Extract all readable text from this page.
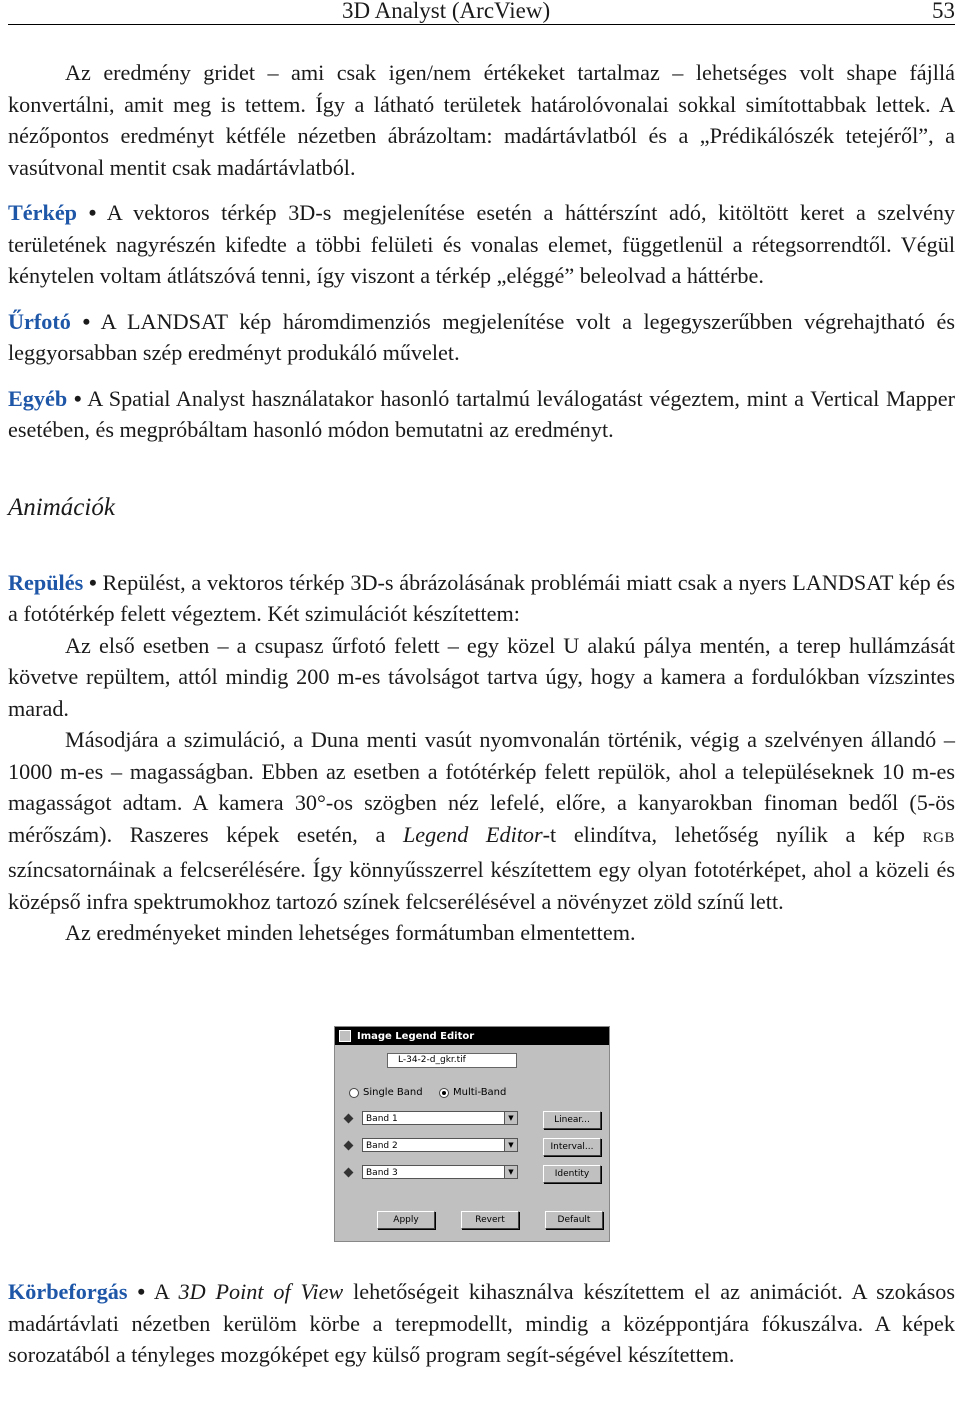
3D Analyst (ArcView)	53

Az eredmény gridet – ami csak igen/nem értékeket tartalmaz – lehetséges volt shape fájllá konvertálni, amit meg is tettem. Így a látható területek határolóvonalai sokkal simítottabbak lettek. A nézőpontos eredményt kétféle nézetben ábrázoltam: madártávlatból és a „Prédikálószék tetejéről”, a vasútvonal mentit csak madártávlatból.

Térkép • A vektoros térkép 3D-s megjelenítése esetén a háttérszínt adó, kitöltött keret a szelvény területének nagyrészén kifedte a többi felületi és vonalas elemet, függetlenül a rétegsorrendtől. Végül kénytelen voltam átlátszóvá tenni, így viszont a térkép „eléggé” beleolvad a háttérbe.

Űrfotó • A LANDSAT kép háromdimenziós megjelenítése volt a legegyszerűbben végrehajtható és leggyorsabban szép eredményt produkáló művelet.

Egyéb • A Spatial Analyst használatakor hasonló tartalmú leválogatást végeztem, mint a Vertical Mapper esetében, és megpróbáltam hasonló módon bemutatni az eredményt.

Animációk

Repülés • Repülést, a vektoros térkép 3D-s ábrázolásának problémái miatt csak a nyers LANDSAT kép és a fotótérkép felett végeztem. Két szimulációt készítettem:

Az első esetben – a csupasz űrfotó felett – egy közel U alakú pálya mentén, a terep hullámzását követve repültem, attól mindig 200 m-es távolságot tartva úgy, hogy a kamera a fordulókban vízszintes marad.

Másodjára a szimuláció, a Duna menti vasút nyomvonalán történik, végig a szelvényen állandó – 1000 m-es – magasságban. Ebben az esetben a fotótérkép felett repülök, ahol a településeknek 10 m-es magasságot adtam. A kamera 30°-os szögben néz lefelé, előre, a kanyarokban finoman bedől (5-ös mérőszám). Raszeres képek esetén, a Legend Editor-t elindítva, lehetőség nyílik a kép RGB színcsatornáinak a felcserélésére. Így könnyűsszerrel készítettem egy olyan fototérképet, ahol a közeli és középső infra spektrumokhoz tartozó színek felcserélésével a növényzet zöld színű lett.

Az eredményeket minden lehetséges formátumban elmentettem.

Körbeforgás • A 3D Point of View lehetőségeit kihasználva készítettem el az animációt. A szokásos madártávlati nézetben kerülöm körbe a terepmodellt, mindig a középpontjára fókuszálva. A képek sorozatából a tényleges mozgóképet egy külső program segít-ségével készítettem.

Image Legend Editor
L-34-2-d_gkr.tif
Single Band	Multi-Band
Band 1	▼	Linear...
Band 2	▼	Interval...
Band 3	▼	Identity
Apply	Revert	Default
